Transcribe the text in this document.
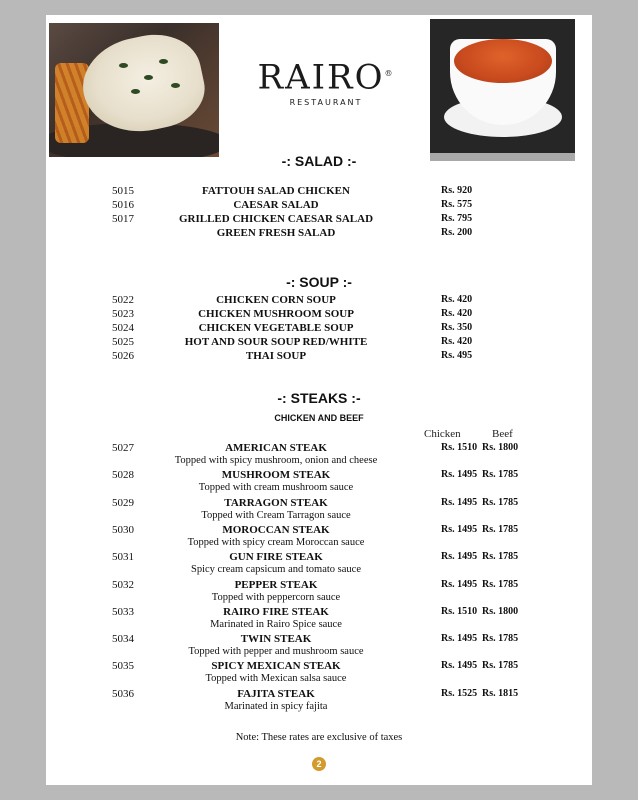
RAIRO®
RESTAURANT
-: SALAD :-
5015	FATTOUH SALAD CHICKEN	Rs. 920
5016	CAESAR SALAD	Rs. 575
5017	GRILLED CHICKEN CAESAR SALAD	Rs. 795
GREEN FRESH SALAD	Rs. 200
-: SOUP :-
5022	CHICKEN CORN SOUP	Rs. 420
5023	CHICKEN MUSHROOM SOUP	Rs. 420
5024	CHICKEN VEGETABLE SOUP	Rs. 350
5025	HOT AND SOUR SOUP RED/WHITE	Rs. 420
5026	THAI SOUP	Rs. 495
-: STEAKS :-
CHICKEN AND BEEF
Chicken	Beef
5027	AMERICAN STEAK	Rs. 1510 Rs. 1800
Topped with spicy mushroom, onion and cheese
5028	MUSHROOM STEAK	Rs. 1495 Rs. 1785
Topped with cream mushroom sauce
5029	TARRAGON STEAK	Rs. 1495 Rs. 1785
Topped with Cream Tarragon sauce
5030	MOROCCAN STEAK	Rs. 1495 Rs. 1785
Topped with spicy cream Moroccan sauce
5031	GUN FIRE STEAK	Rs. 1495 Rs. 1785
Spicy cream capsicum and tomato sauce
5032	PEPPER STEAK	Rs. 1495 Rs. 1785
Topped with peppercorn sauce
5033	RAIRO FIRE STEAK	Rs. 1510 Rs. 1800
Marinated in Rairo Spice sauce
5034	TWIN STEAK	Rs. 1495 Rs. 1785
Topped with pepper and mushroom sauce
5035	SPICY MEXICAN STEAK	Rs. 1495 Rs. 1785
Topped with Mexican salsa sauce
5036	FAJITA STEAK	Rs. 1525 Rs. 1815
Marinated in spicy fajita
Note: These rates are exclusive of taxes
2
